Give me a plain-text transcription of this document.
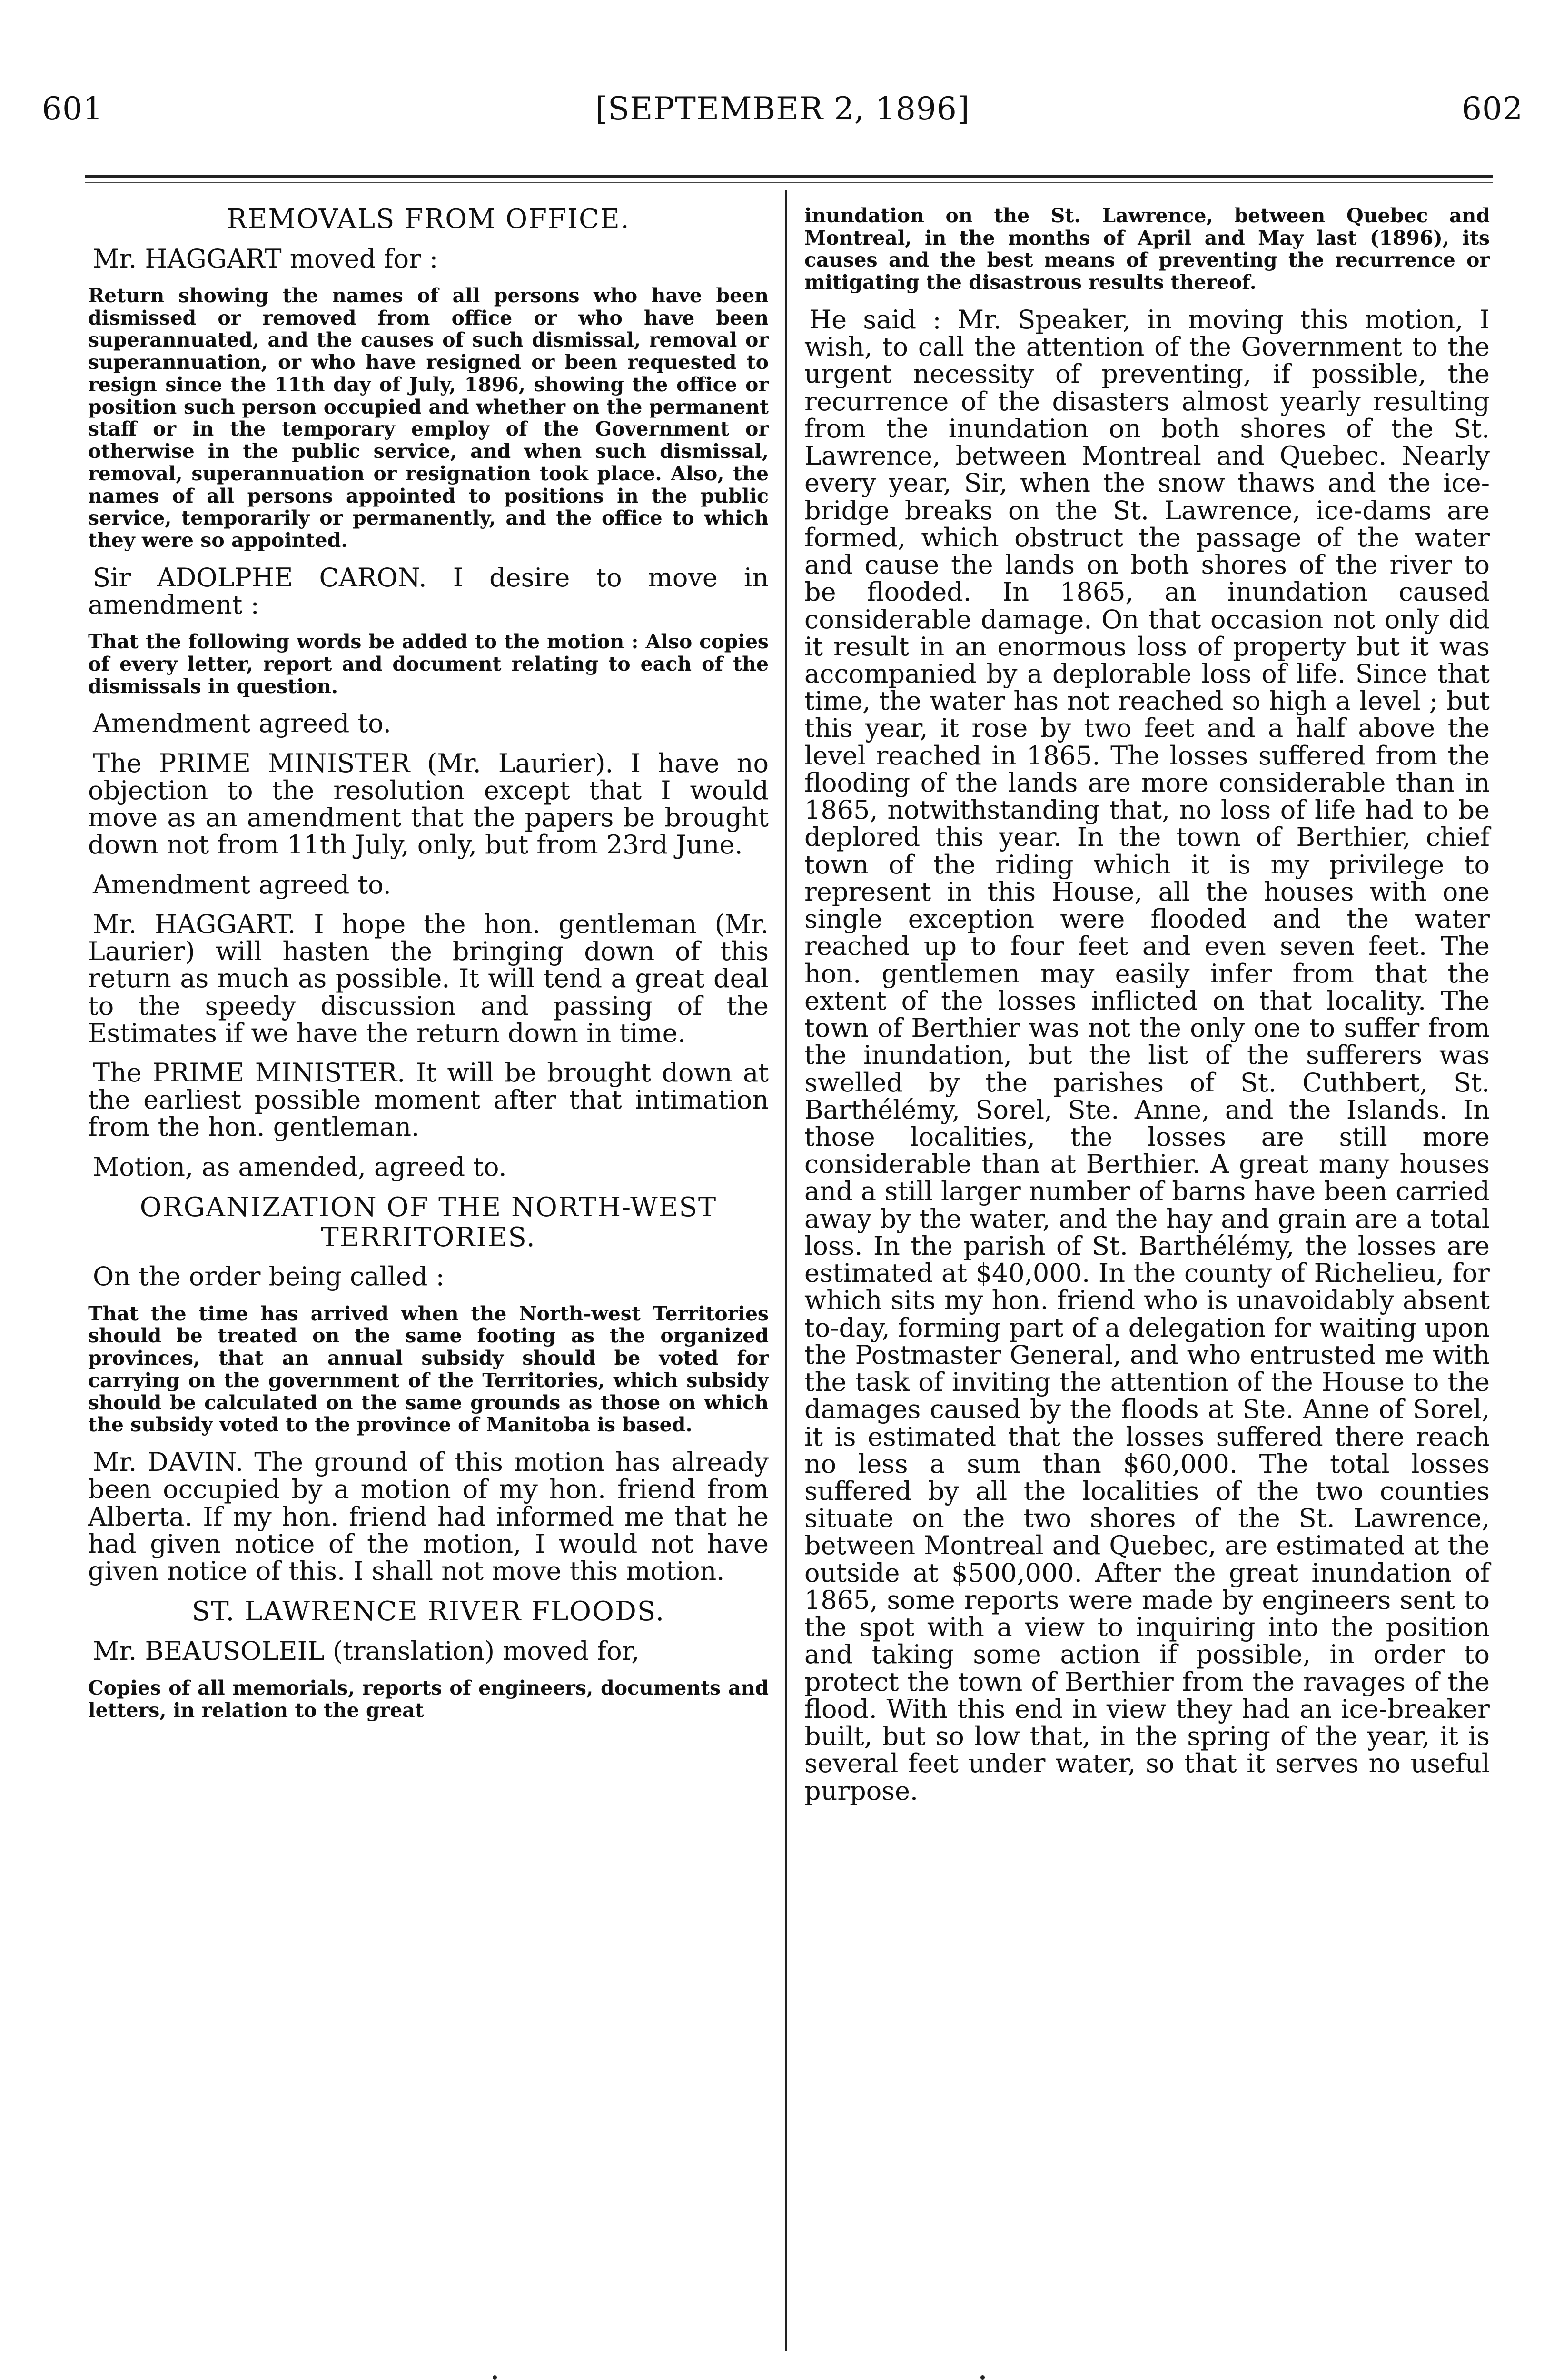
601	[SEPTEMBER 2, 1896]	602
REMOVALS FROM OFFICE.

Mr. HAGGART moved for :

Return showing the names of all persons who have been dismissed or removed from office or who have been superannuated, and the causes of such dismissal, removal or superannuation, or who have resigned or been requested to resign since the 11th day of July, 1896, showing the office or position such person occupied and whether on the permanent staff or in the temporary employ of the Government or otherwise in the public service, and when such dismissal, removal, superannuation or resignation took place. Also, the names of all persons appointed to positions in the public service, temporarily or permanently, and the office to which they were so appointed.

Sir ADOLPHE CARON. I desire to move in amendment :

That the following words be added to the motion : Also copies of every letter, report and document relating to each of the dismissals in question.

Amendment agreed to.

The PRIME MINISTER (Mr. Laurier). I have no objection to the resolution except that I would move as an amendment that the papers be brought down not from 11th July, only, but from 23rd June.

Amendment agreed to.

Mr. HAGGART. I hope the hon. gentleman (Mr. Laurier) will hasten the bringing down of this return as much as possible. It will tend a great deal to the speedy discussion and passing of the Estimates if we have the return down in time.

The PRIME MINISTER. It will be brought down at the earliest possible moment after that intimation from the hon. gentleman.

Motion, as amended, agreed to.

ORGANIZATION OF THE NORTH-WEST TERRITORIES.

On the order being called :

That the time has arrived when the North-west Territories should be treated on the same footing as the organized provinces, that an annual subsidy should be voted for carrying on the government of the Territories, which subsidy should be calculated on the same grounds as those on which the subsidy voted to the province of Manitoba is based.

Mr. DAVIN. The ground of this motion has already been occupied by a motion of my hon. friend from Alberta. If my hon. friend had informed me that he had given notice of the motion, I would not have given notice of this. I shall not move this motion.

ST. LAWRENCE RIVER FLOODS.

Mr. BEAUSOLEIL (translation) moved for,

Copies of all memorials, reports of engineers, documents and letters, in relation to the great

inundation on the St. Lawrence, between Quebec and Montreal, in the months of April and May last (1896), its causes and the best means of preventing the recurrence or mitigating the disastrous results thereof.

He said : Mr. Speaker, in moving this motion, I wish, to call the attention of the Government to the urgent necessity of preventing, if possible, the recurrence of the disasters almost yearly resulting from the inundation on both shores of the St. Lawrence, between Montreal and Quebec. Nearly every year, Sir, when the snow thaws and the ice-bridge breaks on the St. Lawrence, ice-dams are formed, which obstruct the passage of the water and cause the lands on both shores of the river to be flooded. In 1865, an inundation caused considerable damage. On that occasion not only did it result in an enormous loss of property but it was accompanied by a deplorable loss of life. Since that time, the water has not reached so high a level ; but this year, it rose by two feet and a half above the level reached in 1865. The losses suffered from the flooding of the lands are more considerable than in 1865, notwithstanding that, no loss of life had to be deplored this year. In the town of Berthier, chief town of the riding which it is my privilege to represent in this House, all the houses with one single exception were flooded and the water reached up to four feet and even seven feet. The hon. gentlemen may easily infer from that the extent of the losses inflicted on that locality. The town of Berthier was not the only one to suffer from the inundation, but the list of the sufferers was swelled by the parishes of St. Cuthbert, St. Barthélémy, Sorel, Ste. Anne, and the Islands. In those localities, the losses are still more considerable than at Berthier. A great many houses and a still larger number of barns have been carried away by the water, and the hay and grain are a total loss. In the parish of St. Barthélémy, the losses are estimated at $40,000. In the county of Richelieu, for which sits my hon. friend who is unavoidably absent to-day, forming part of a delegation for waiting upon the Postmaster General, and who entrusted me with the task of inviting the attention of the House to the damages caused by the floods at Ste. Anne of Sorel, it is estimated that the losses suffered there reach no less a sum than $60,000. The total losses suffered by all the localities of the two counties situate on the two shores of the St. Lawrence, between Montreal and Quebec, are estimated at the outside at $500,000. After the great inundation of 1865, some reports were made by engineers sent to the spot with a view to inquiring into the position and taking some action if possible, in order to protect the town of Berthier from the ravages of the flood. With this end in view they had an ice-breaker built, but so low that, in the spring of the year, it is several feet under water, so that it serves no useful purpose.
